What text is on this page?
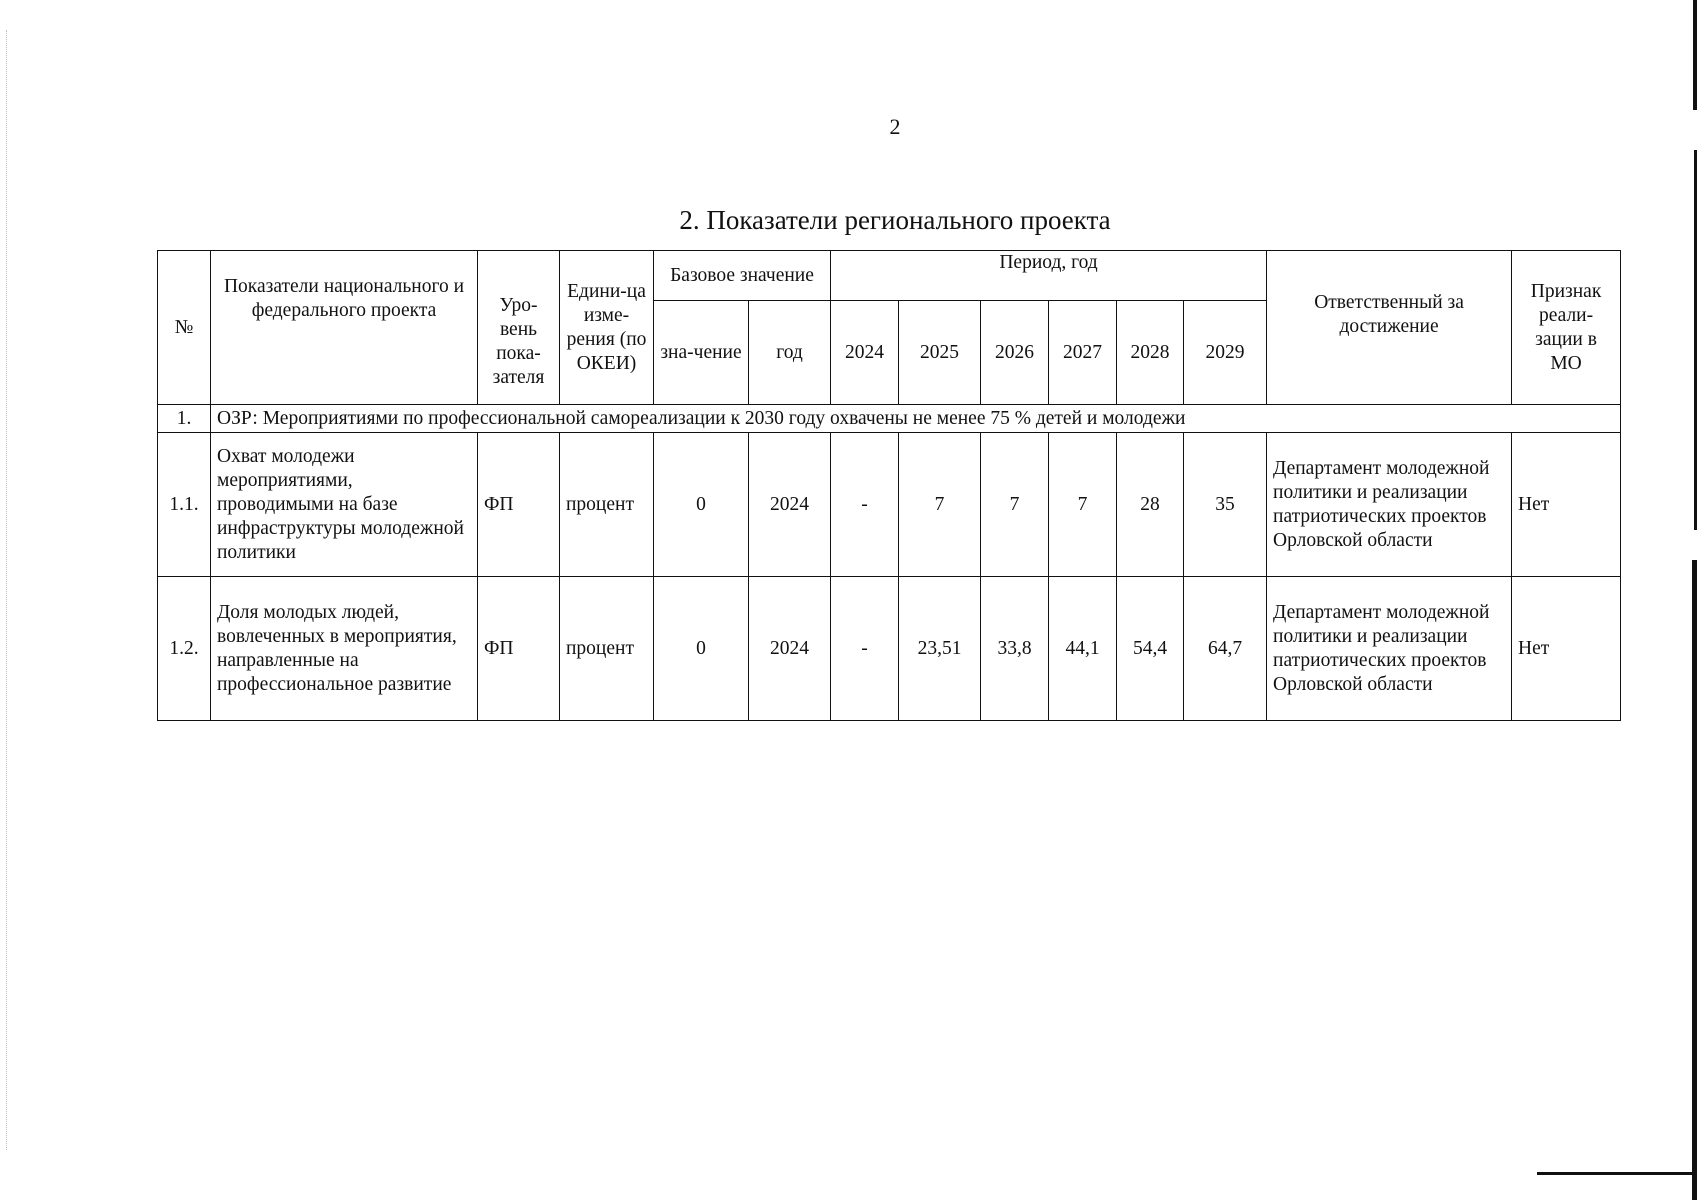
2
2. Показатели регионального проекта
№	Показатели национального и федерального проекта	Уро-вень пока-зателя	Едини-ца изме-рения (по ОКЕИ)	Базовое значение		Период, год						Ответственный за достижение	Признак реали-зации в МО
				зна-чение	год	2024	2025	2026	2027	2028	2029		
1.	ОЗР: Мероприятиями по профессиональной самореализации к 2030 году охвачены не менее 75 % детей и молодежи												
1.1.	Охват молодежи мероприятиями, проводимыми на базе инфраструктуры молодежной политики	ФП	процент	0	2024	-	7	7	7	28	35	Департамент молодежной политики и реализации патриотических проектов Орловской области	Нет
1.2.	Доля молодых людей, вовлеченных в мероприятия, направленные на профессиональное развитие	ФП	процент	0	2024	-	23,51	33,8	44,1	54,4	64,7	Департамент молодежной политики и реализации патриотических проектов Орловской области	Нет
